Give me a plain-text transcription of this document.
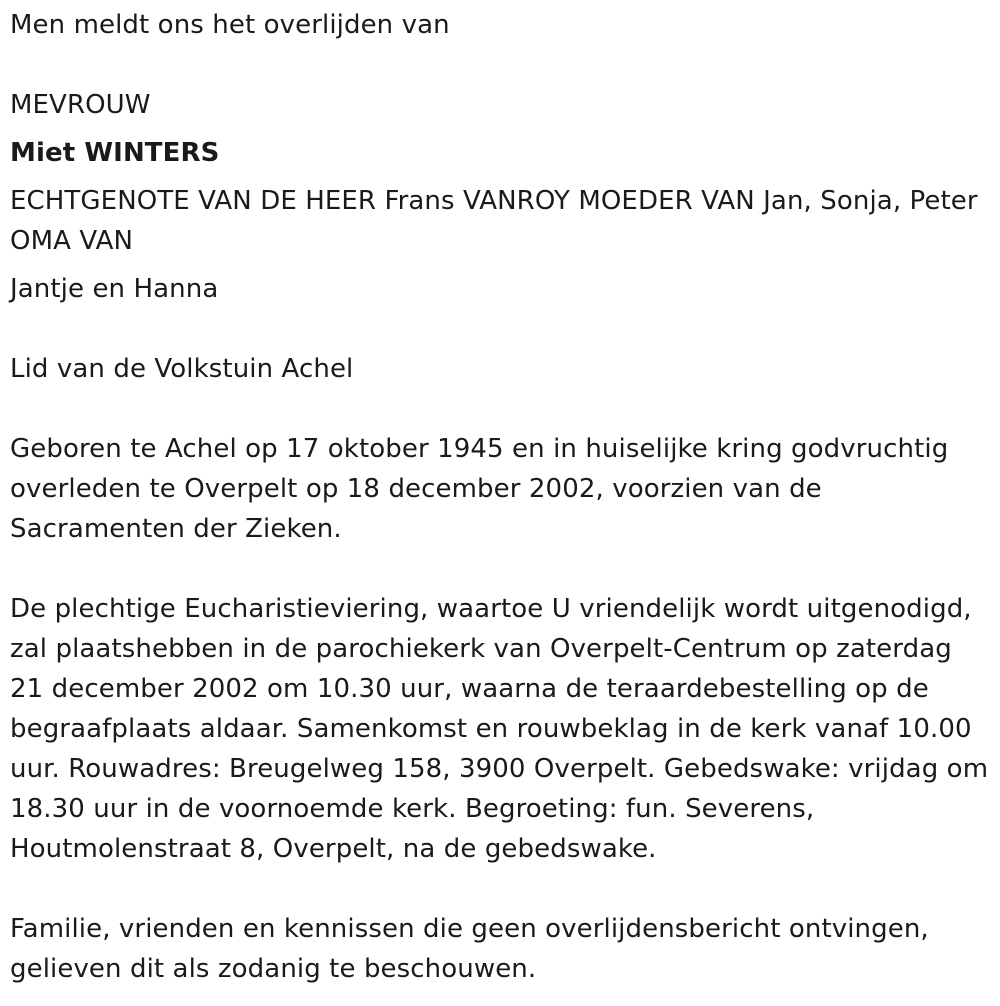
Men meldt ons het overlijden van
MEVROUW
Miet WINTERS
ECHTGENOTE VAN DE HEER Frans VANROY MOEDER VAN Jan, Sonja, Peter
OMA VAN
Jantje en Hanna
Lid van de Volkstuin Achel
Geboren te Achel op 17 oktober 1945 en in huiselijke kring godvruchtig
overleden te Overpelt op 18 december 2002, voorzien van de
Sacramenten der Zieken.
De plechtige Eucharistieviering, waartoe U vriendelijk wordt uitgenodigd,
zal plaatshebben in de parochiekerk van Overpelt-Centrum op zaterdag
21 december 2002 om 10.30 uur, waarna de teraardebestelling op de
begraafplaats aldaar. Samenkomst en rouwbeklag in de kerk vanaf 10.00
uur. Rouwadres: Breugelweg 158, 3900 Overpelt. Gebedswake: vrijdag om
18.30 uur in de voornoemde kerk. Begroeting: fun. Severens,
Houtmolenstraat 8, Overpelt, na de gebedswake.
Familie, vrienden en kennissen die geen overlijdensbericht ontvingen,
gelieven dit als zodanig te beschouwen.
